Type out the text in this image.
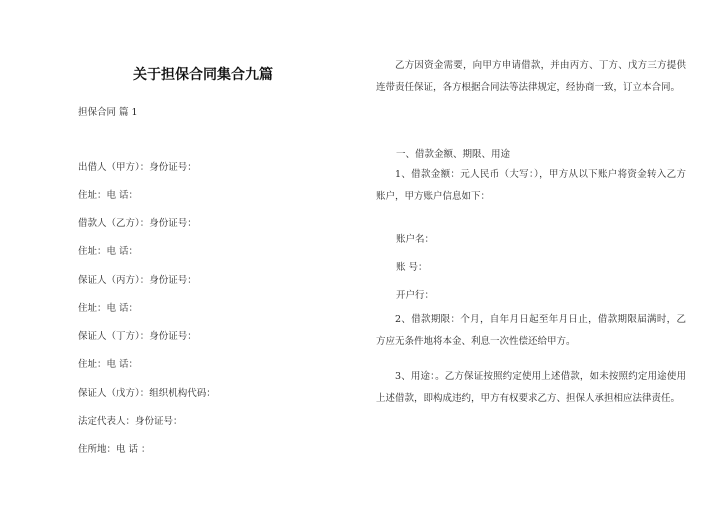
关于担保合同集合九篇
担保合同 篇 1
出借人（甲方）：身份证号：
住址：电 话：
借款人（乙方）：身份证号：
住址：电 话：
保证人（丙方）：身份证号：
住址：电 话：
保证人（丁方）：身份证号：
住址：电 话：
保证人（戊方）：组织机构代码：
法定代表人：身份证号：
住所地：电 话 ：

乙方因资金需要，向甲方申请借款，并由丙方、丁方、戊方三方提供连带责任保证，各方根据合同法等法律规定，经协商一致，订立本合同。

一、借款金额、期限、用途

1、借款金额：元人民币（大写：），甲方从以下账户将资金转入乙方账户，甲方账户信息如下：

账户名：
账 号：
开户行：

2、借款期限：个月，自年月日起至年月日止，借款期限届满时，乙方应无条件地将本金、利息一次性偿还给甲方。

3、用途：。乙方保证按照约定使用上述借款，如未按照约定用途使用上述借款，即构成违约，甲方有权要求乙方、担保人承担相应法律责任。
